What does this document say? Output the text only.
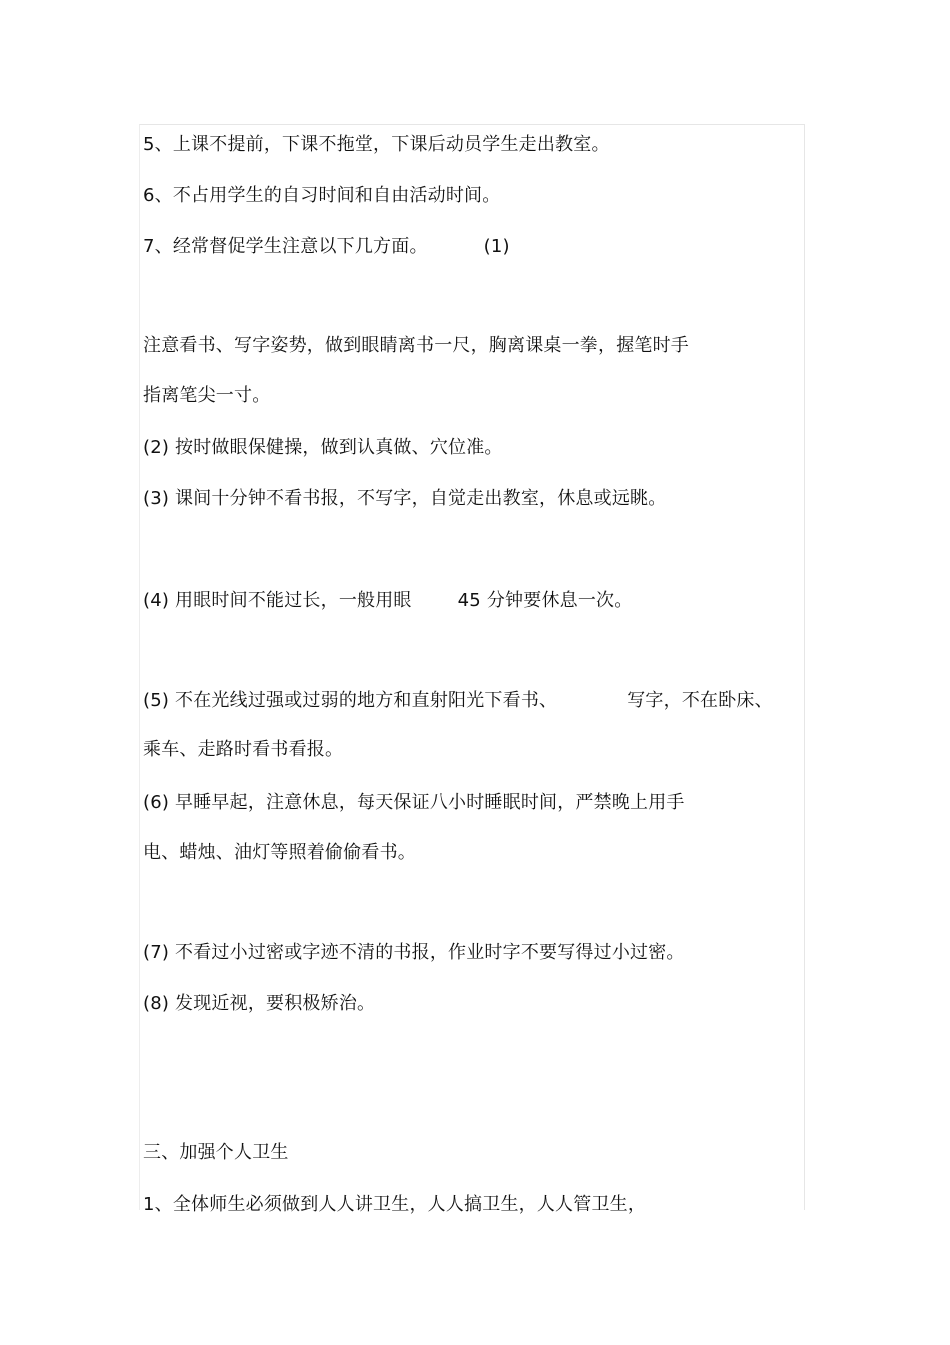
5、上课不提前，下课不拖堂，下课后动员学生走出教室。
6、不占用学生的自习时间和自由活动时间。
7、经常督促学生注意以下几方面。	(1)
注意看书、写字姿势，做到眼睛离书一尺，胸离课桌一拳，握笔时手
指离笔尖一寸。
(2) 按时做眼保健操，做到认真做、穴位准。
(3) 课间十分钟不看书报，不写字，自觉走出教室，休息或远眺。
(4) 用眼时间不能过长，一般用眼	45 分钟要休息一次。
(5) 不在光线过强或过弱的地方和直射阳光下看书、	写字，不在卧床、
乘车、走路时看书看报。
(6) 早睡早起，注意休息，每天保证八小时睡眠时间，严禁晚上用手
电、蜡烛、油灯等照着偷偷看书。
(7) 不看过小过密或字迹不清的书报，作业时字不要写得过小过密。
(8) 发现近视，要积极矫治。
三、加强个人卫生
1、全体师生必须做到人人讲卫生，人人搞卫生，人人管卫生，
